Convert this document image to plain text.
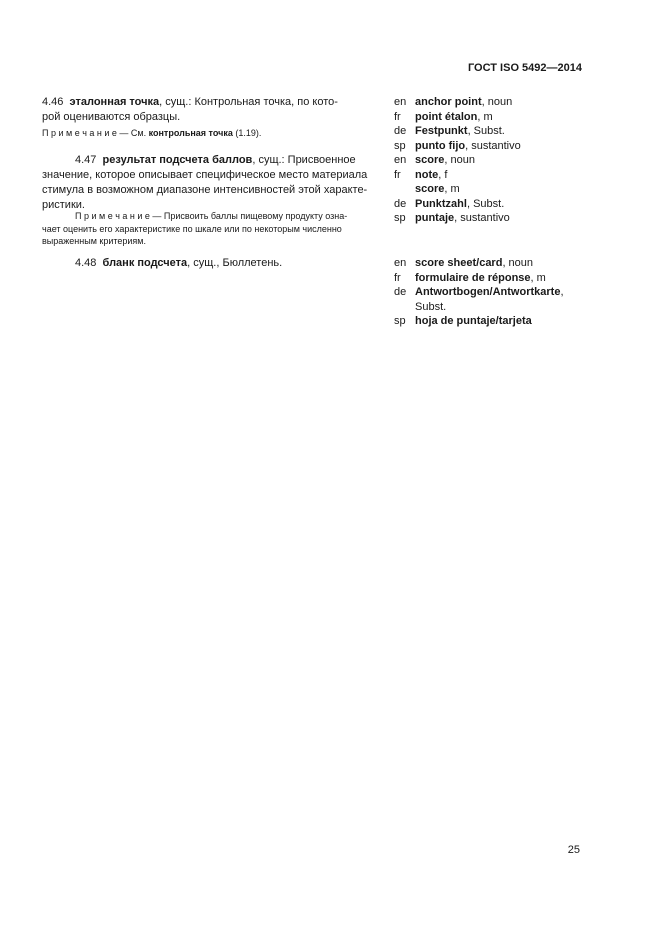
ГОСТ ISO 5492—2014
4.46 эталонная точка, сущ.: Контрольная точка, по кото-
рой оцениваются образцы.
П р и м е ч а н и е — См. контрольная точка (1.19).
en anchor point, noun
fr	point étalon, m
de Festpunkt, Subst.
sp punto fijo, sustantivo
4.47 результат подсчета баллов, сущ.: Присвоенное
значение, которое описывает специфическое место материала
стимула в возможном диапазоне интенсивностей этой характе-
ристики.
П р и м е ч а н и е — Присвоить баллы пищевому продукту озна-
чает оценить его характеристике по шкале или по некоторым численно
выраженным критериям.
en score, noun
fr	note, f
score, m
de Punktzahl, Subst.
sp puntaje, sustantivo
4.48 бланк подсчета, сущ., Бюллетень.	en score sheet/card, noun
fr	formulaire de réponse, m
de Antwortbogen/Antwortkarte,
Subst.
sp hoja de puntaje/tarjeta
25
